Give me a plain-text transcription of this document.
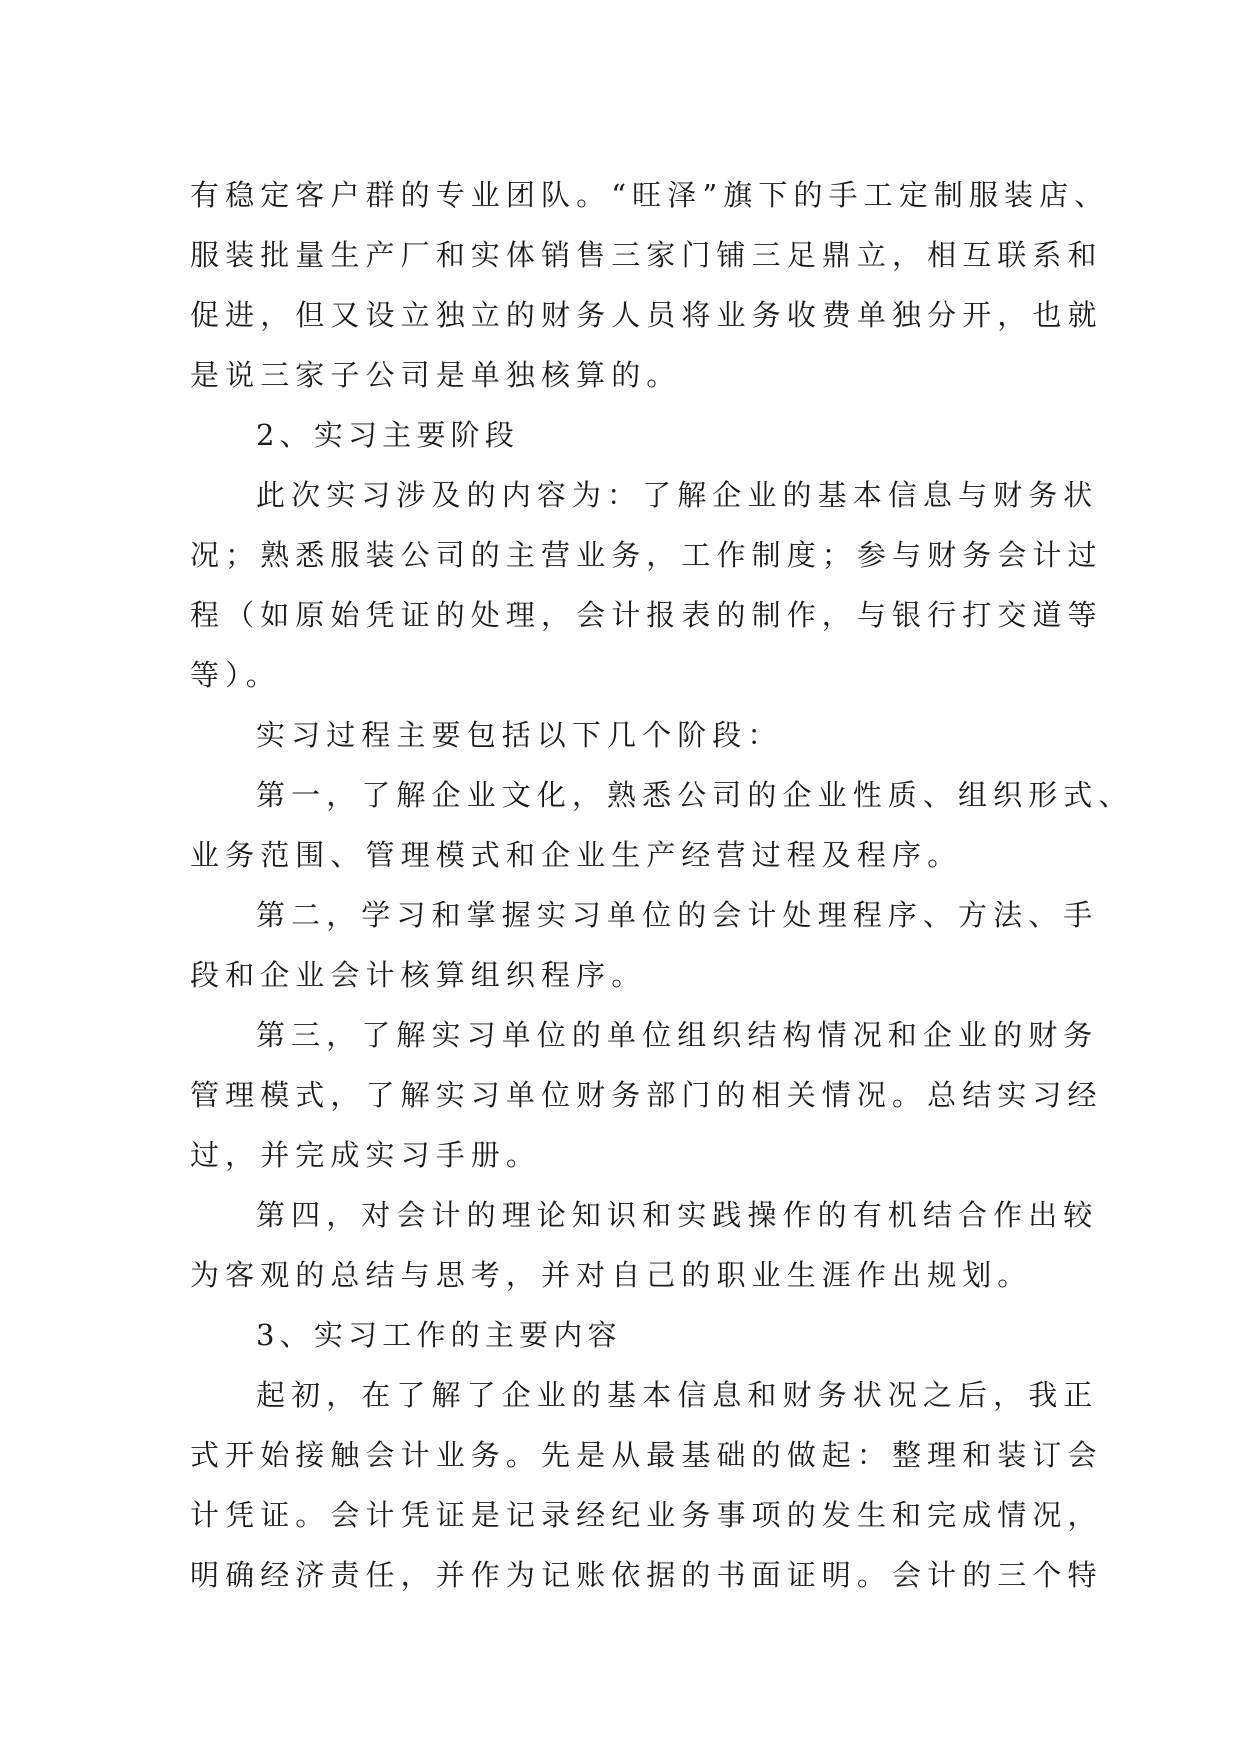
有稳定客户群的专业团队。“旺泽”旗下的手工定制服装店、
服装批量生产厂和实体销售三家门铺三足鼎立，相互联系和
促进，但又设立独立的财务人员将业务收费单独分开，也就
是说三家子公司是单独核算的。
2、实习主要阶段
此次实习涉及的内容为：了解企业的基本信息与财务状
况；熟悉服装公司的主营业务，工作制度；参与财务会计过
程（如原始凭证的处理，会计报表的制作，与银行打交道等
等）。
实习过程主要包括以下几个阶段：
第一，了解企业文化，熟悉公司的企业性质、组织形式、
业务范围、管理模式和企业生产经营过程及程序。
第二，学习和掌握实习单位的会计处理程序、方法、手
段和企业会计核算组织程序。
第三，了解实习单位的单位组织结构情况和企业的财务
管理模式，了解实习单位财务部门的相关情况。总结实习经
过，并完成实习手册。
第四，对会计的理论知识和实践操作的有机结合作出较
为客观的总结与思考，并对自己的职业生涯作出规划。
3、实习工作的主要内容
起初，在了解了企业的基本信息和财务状况之后，我正
式开始接触会计业务。先是从最基础的做起：整理和装订会
计凭证。会计凭证是记录经纪业务事项的发生和完成情况，
明确经济责任，并作为记账依据的书面证明。会计的三个特
